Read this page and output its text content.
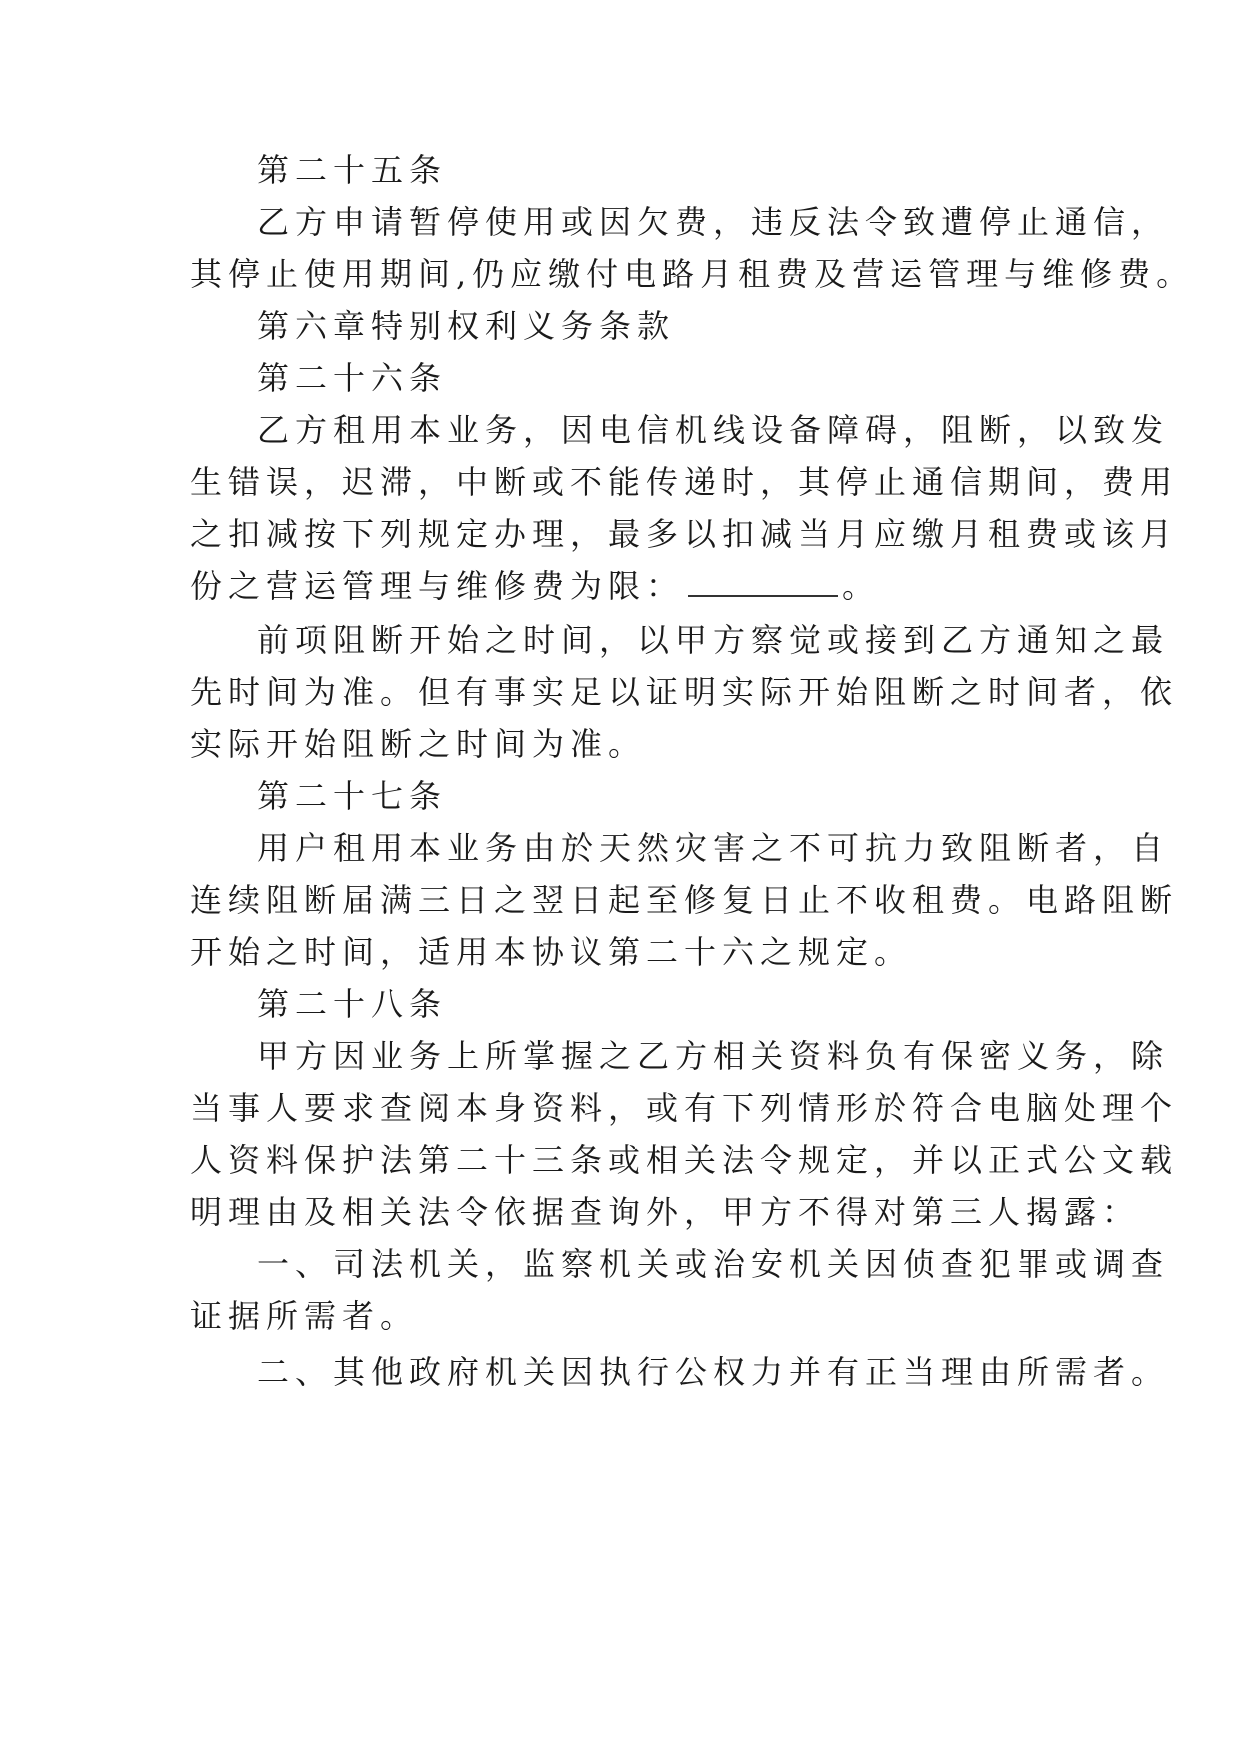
第二十五条

乙方申请暂停使用或因欠费，违反法令致遭停止通信，

其停止使用期间,仍应缴付电路月租费及营运管理与维修费。

第六章特别权利义务条款

第二十六条

乙方租用本业务，因电信机线设备障碍，阻断，以致发

生错误，迟滞，中断或不能传递时，其停止通信期间，费用

之扣减按下列规定办理，最多以扣减当月应缴月租费或该月

份之营运管理与维修费为限：	。

前项阻断开始之时间，以甲方察觉或接到乙方通知之最

先时间为准。但有事实足以证明实际开始阻断之时间者，依

实际开始阻断之时间为准。

第二十七条

用户租用本业务由於天然灾害之不可抗力致阻断者，自

连续阻断届满三日之翌日起至修复日止不收租费。电路阻断

开始之时间，适用本协议第二十六之规定。

第二十八条

甲方因业务上所掌握之乙方相关资料负有保密义务，除

当事人要求查阅本身资料，或有下列情形於符合电脑处理个

人资料保护法第二十三条或相关法令规定，并以正式公文载

明理由及相关法令依据查询外，甲方不得对第三人揭露：

一、司法机关，监察机关或治安机关因侦查犯罪或调查

证据所需者。

二、其他政府机关因执行公权力并有正当理由所需者。
